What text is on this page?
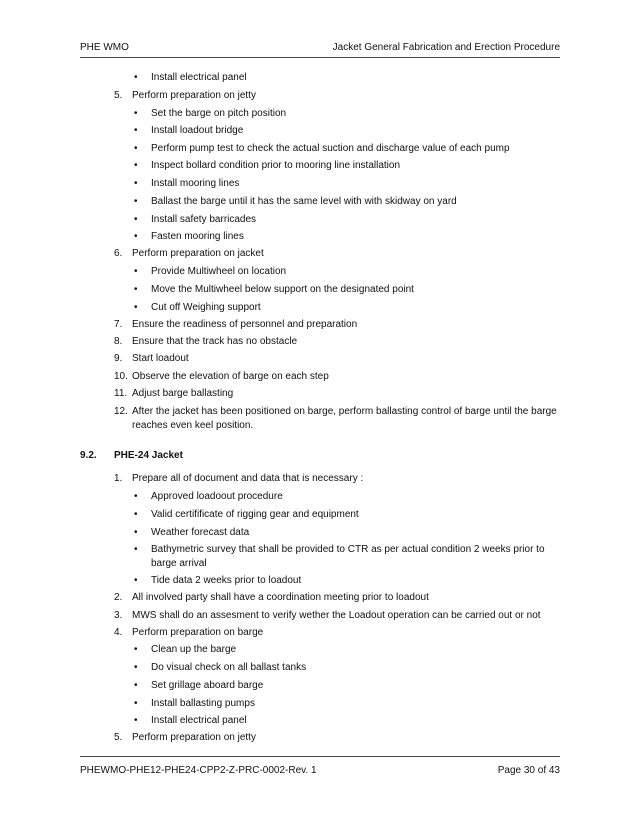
PHE WMO	Jacket General Fabrication and Erection Procedure
•	Install electrical panel
5. Perform preparation on jetty
•	Set the barge on pitch position
•	Install loadout bridge
•	Perform pump test to check the actual suction and discharge value of each pump
•	Inspect bollard condition prior to mooring line installation
•	Install mooring lines
•	Ballast the barge until it has the same level with with skidway on yard
•	Install safety barricades
•	Fasten mooring lines
6. Perform preparation on jacket
•	Provide Multiwheel on location
•	Move the Multiwheel below support on the designated point
•	Cut off Weighing support
7. Ensure the readiness of personnel and preparation
8. Ensure that the track has no obstacle
9. Start loadout
10. Observe the elevation of barge on each step
11. Adjust barge ballasting
12. After the jacket has been positioned on barge, perform ballasting control of barge until the barge
reaches even keel position.
9.2. PHE-24 Jacket
1. Prepare all of document and data that is necessary :
•	Approved loadoout procedure
•	Valid certifificate of rigging gear and equipment
•	Weather forecast data
•	Bathymetric survey that shall be provided to CTR as per actual condition 2 weeks prior to
barge arrival
•	Tide data 2 weeks prior to loadout
2. All involved party shall have a coordination meeting prior to loadout
3. MWS shall do an assesment to verify wether the Loadout operation can be carried out or not
4. Perform preparation on barge
•	Clean up the barge
•	Do visual check on all ballast tanks
•	Set grillage aboard barge
•	Install ballasting pumps
•	Install electrical panel
5. Perform preparation on jetty
PHEWMO-PHE12-PHE24-CPP2-Z-PRC-0002-Rev. 1	Page 30 of 43
